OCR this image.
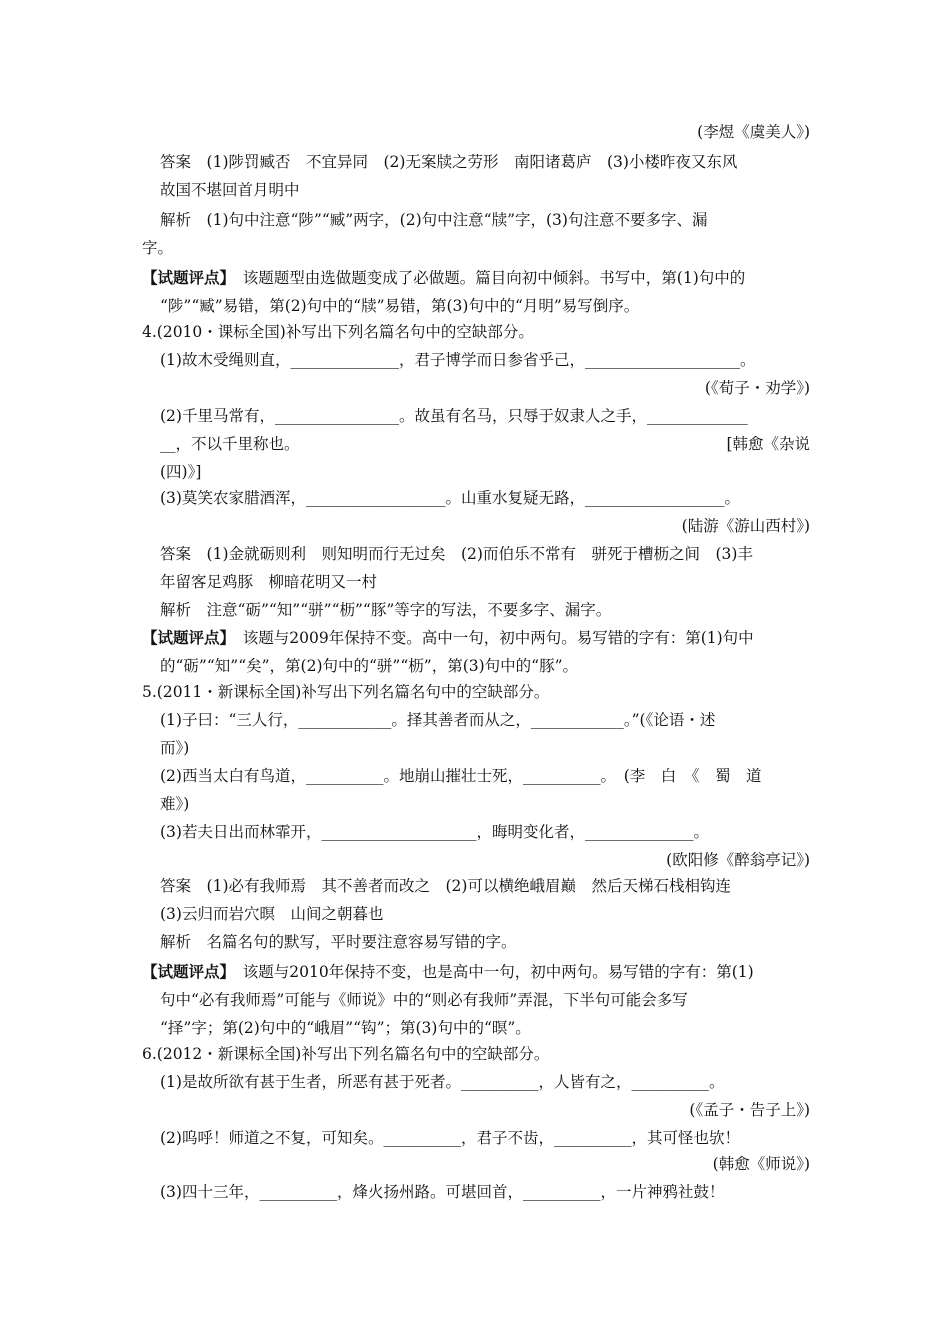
(李煜《虞美人》)
答案　 (1)陟罚臧否　不宜异同　(2)无案牍之劳形　南阳诸葛庐　(3)小楼昨夜又东风
故国不堪回首月明中
解析　 (1)句中注意“陟”“臧”两字，(2)句中注意“牍”字，(3)句注意不要多字、漏
字。
【试题评点】　 该题题型由选做题变成了必做题。篇目向初中倾斜。书写中，第(1)句中的
“陟”“臧”易错，第(2)句中的“牍”易错，第(3)句中的“月明”易写倒序。
4.(2010・课标全国)补写出下列名篇名句中的空缺部分。
(1)故木受绳则直，______________，君子博学而日参省乎己，____________________。
(《荀子・劝学》)
(2)千里马常有，________________。故虽有名马，只辱于奴隶人之手，_____________
__，不以千里称也。	[韩愈《杂说
(四)》]
(3)莫笑农家腊酒浑，__________________。山重水复疑无路，__________________。
(陆游《游山西村》)
答案　 (1)金就砺则利　则知明而行无过矣　(2)而伯乐不常有　骈死于槽枥之间　(3)丰
年留客足鸡豚　柳暗花明又一村
解析　 注意“砺”“知”“骈”“枥”“豚”等字的写法，不要多字、漏字。
【试题评点】　 该题与2009年保持不变。高中一句，初中两句。易写错的字有：第(1)句中
的“砺”“知”“矣”，第(2)句中的“骈”“枥”，第(3)句中的“豚”。
5.(2011・新课标全国)补写出下列名篇名句中的空缺部分。
(1)子曰：“三人行，____________。择其善者而从之，____________。”(《论语・述
而》)
(2)西当太白有鸟道，__________。地崩山摧壮士死，__________。　(李　白　《　蜀　道
难》)
(3)若夫日出而林霏开，____________________，晦明变化者，______________。
(欧阳修《醉翁亭记》)
答案　 (1)必有我师焉　其不善者而改之　(2)可以横绝峨眉巅　然后天梯石栈相钩连
(3)云归而岩穴暝　山间之朝暮也
解析　 名篇名句的默写，平时要注意容易写错的字。
【试题评点】　 该题与2010年保持不变，也是高中一句，初中两句。易写错的字有：第(1)
句中“必有我师焉”可能与《师说》中的“则必有我师”弄混，下半句可能会多写
“择”字；第(2)句中的“峨眉”“钩”；第(3)句中的“暝”。
6.(2012・新课标全国)补写出下列名篇名句中的空缺部分。
(1)是故所欲有甚于生者，所恶有甚于死者。__________，人皆有之，__________。
(《孟子・告子上》)
(2)呜呼！师道之不复，可知矣。__________，君子不齿，__________，其可怪也欤！
(韩愈《师说》)
(3)四十三年，__________，烽火扬州路。可堪回首，__________，一片神鸦社鼓！
